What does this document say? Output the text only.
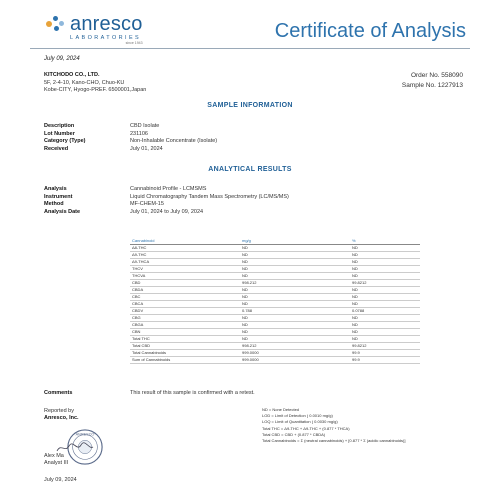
anresco
LABORATORIES
since 1943
Certificate of Analysis
July 09, 2024
KITCHODO CO., LTD.
5F, 2-4-10, Kano-CHO, Chuo-KU
Kobe-CITY, Hyogo-PREF. 6500001,Japan
Order No. 558090
Sample No. 1227913
SAMPLE INFORMATION
Description	CBD Isolate
Lot Number	231106
Category (Type)	Non-Inhalable Concentrate (Isolate)
Received	July 01, 2024
ANALYTICAL RESULTS
Analysis	Cannabinoid Profile - LCMSMS
Instrument	Liquid Chromatography Tandem Mass Spectrometry (LC/MS/MS)
Method	MF-CHEM-15
Analysis Date	July 01, 2024 to July 09, 2024
Cannabinoid	mg/g	%
Δ8-THC	ND	ND
Δ9-THC	ND	ND
Δ9-THCA	ND	ND
THCV	ND	ND
THCVA	ND	ND
CBD	998.212	99.8212
CBDA	ND	ND
CBC	ND	ND
CBCA	ND	ND
CBDV	0.788	0.0788
CBG	ND	ND
CBGA	ND	ND
CBN	ND	ND
Total THC	ND	ND
Total CBD	998.212	99.8212
Total Cannabinoids	999.0000	99.9
Sum of Cannabinoids	999.0000	99.9
Comments	This result of this sample is confirmed with a retest.
Reported by
Anresco, Inc.
ANRESCO
Alex Ma
Analyst III
July 09, 2024
ND = None Detected
LOD = Limit of Detection ( 0.0010 mg/g)
LOQ = Limit of Quantitation ( 0.0030 mg/g)
Total THC = Δ9-THC + Δ9-THC + (0.877 * THCA)
Total CBD = CBD + (0.877 * CBDA)
Total Cannabinoids = Σ (neutral cannabinoids) + [0.877 * Σ (acidic cannabinoids)]
